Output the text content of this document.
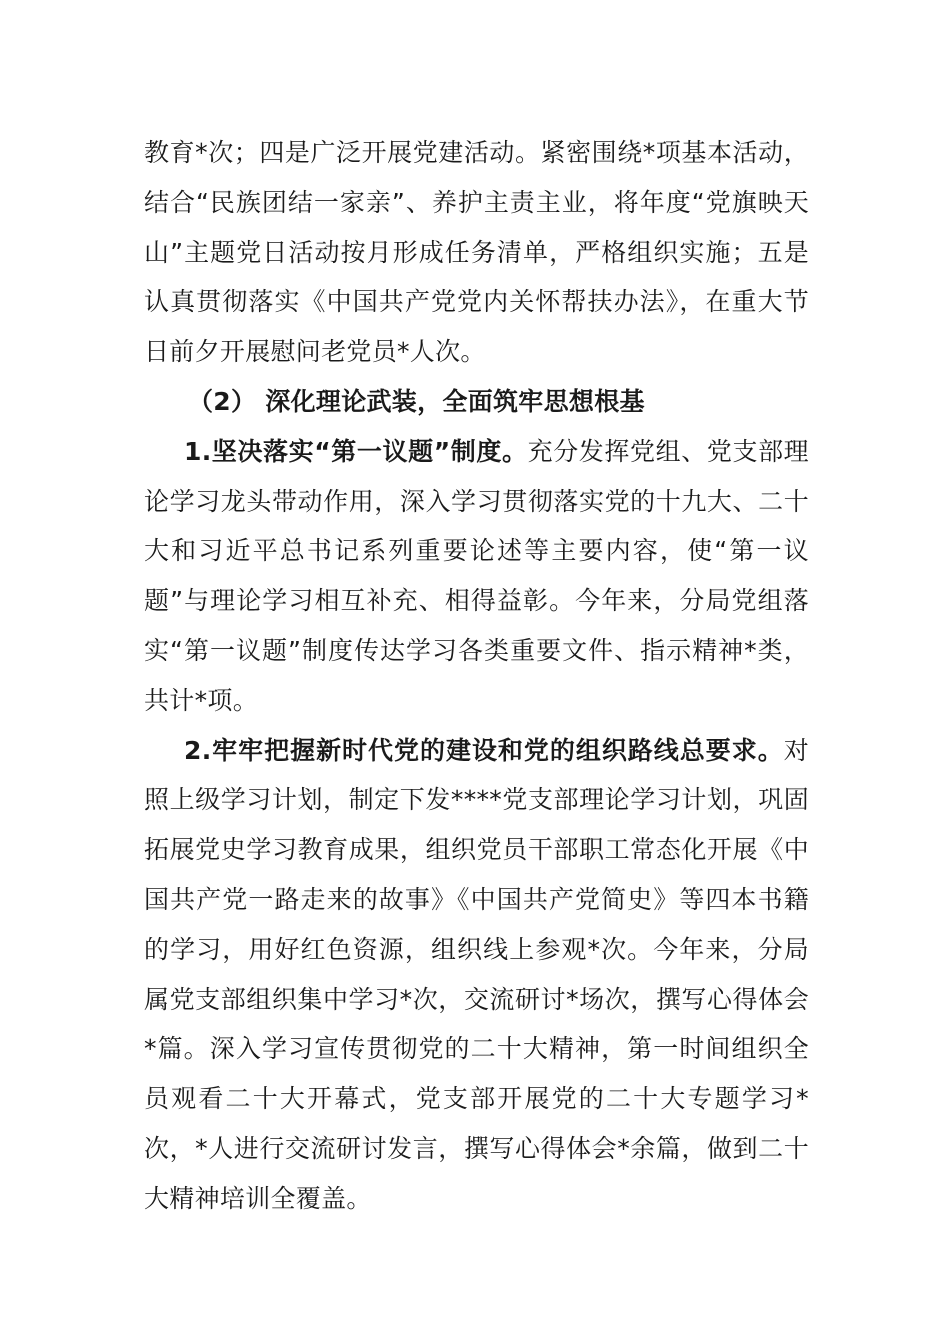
教育*次；四是广泛开展党建活动。紧密围绕*项基本活动，结合“民族团结一家亲”、养护主责主业，将年度“党旗映天山”主题党日活动按月形成任务清单，严格组织实施；五是认真贯彻落实《中国共产党党内关怀帮扶办法》，在重大节日前夕开展慰问老党员*人次。

（2） 深化理论武装，全面筑牢思想根基

1.坚决落实“第一议题”制度。充分发挥党组、党支部理论学习龙头带动作用，深入学习贯彻落实党的十九大、二十大和习近平总书记系列重要论述等主要内容，使“第一议题”与理论学习相互补充、相得益彰。今年来，分局党组落实“第一议题”制度传达学习各类重要文件、指示精神*类，共计*项。

2.牢牢把握新时代党的建设和党的组织路线总要求。对照上级学习计划，制定下发****党支部理论学习计划，巩固拓展党史学习教育成果，组织党员干部职工常态化开展《中国共产党一路走来的故事》《中国共产党简史》等四本书籍的学习，用好红色资源，组织线上参观*次。今年来，分局属党支部组织集中学习*次，交流研讨*场次，撰写心得体会*篇。深入学习宣传贯彻党的二十大精神，第一时间组织全员观看二十大开幕式，党支部开展党的二十大专题学习*次，*人进行交流研讨发言，撰写心得体会*余篇，做到二十大精神培训全覆盖。
